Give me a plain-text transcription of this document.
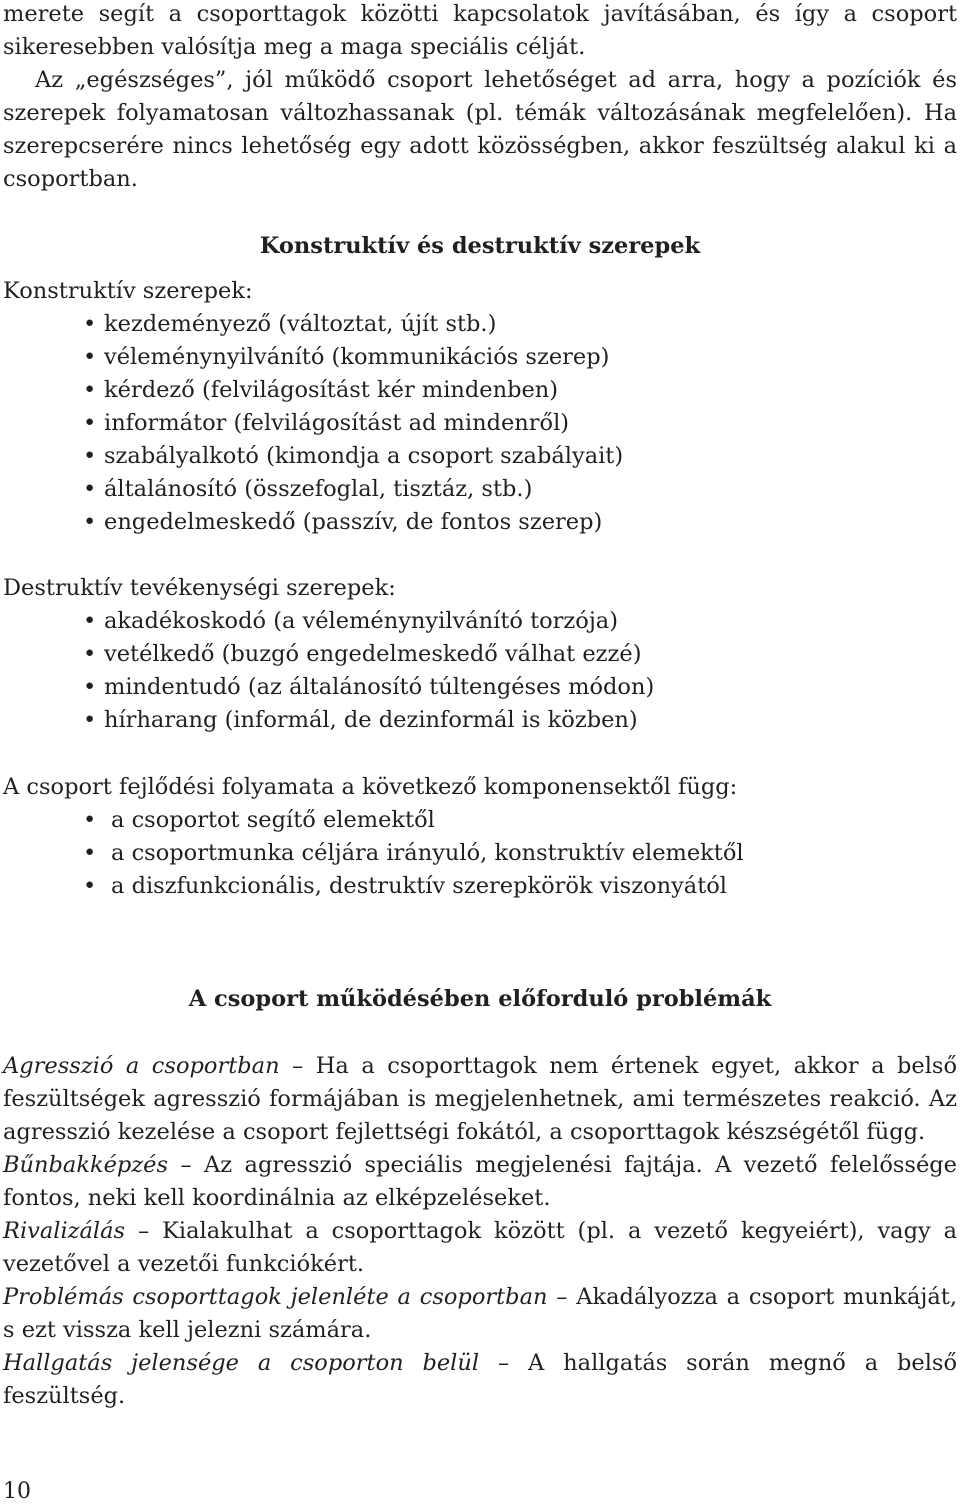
merete segít a csoporttagok közötti kapcsolatok javításában, és így a csoport sikeresebben valósítja meg a maga speciális célját.

Az „egészséges”, jól működő csoport lehetőséget ad arra, hogy a pozíciók és szerepek folyamatosan változhassanak (pl. témák változásának megfelelően). Ha szerepcserére nincs lehetőség egy adott közösségben, akkor feszültség alakul ki a csoportban.

Konstruktív és destruktív szerepek

Konstruktív szerepek:

• kezdeményező (változtat, újít stb.)
• véleménynyilvánító (kommunikációs szerep)
• kérdező (felvilágosítást kér mindenben)
• informátor (felvilágosítást ad mindenről)
• szabályalkotó (kimondja a csoport szabályait)
• általánosító (összefoglal, tisztáz, stb.)
• engedelmeskedő (passzív, de fontos szerep)

Destruktív tevékenységi szerepek:

• akadékoskodó (a véleménynyilvánító torzója)
• vetélkedő (buzgó engedelmeskedő válhat ezzé)
• mindentudó (az általánosító túltengéses módon)
• hírharang (informál, de dezinformál is közben)

A csoport fejlődési folyamata a következő komponensektől függ:

• a csoportot segítő elemektől
• a csoportmunka céljára irányuló, konstruktív elemektől
• a diszfunkcionális, destruktív szerepkörök viszonyától
A csoport működésében előforduló problémák

Agresszió a csoportban – Ha a csoporttagok nem értenek egyet, akkor a belső feszültségek agresszió formájában is megjelenhetnek, ami természetes reakció. Az agresszió kezelése a csoport fejlettségi fokától, a csoporttagok készségétől függ.

Bűnbakképzés – Az agresszió speciális megjelenési fajtája. A vezető felelőssége fontos, neki kell koordinálnia az elképzeléseket.

Rivalizálás – Kialakulhat a csoporttagok között (pl. a vezető kegyeiért), vagy a vezetővel a vezetői funkciókért.

Problémás csoporttagok jelenléte a csoportban – Akadályozza a csoport munkáját, s ezt vissza kell jelezni számára.

Hallgatás jelensége a csoporton belül – A hallgatás során megnő a belső feszültség.

10
